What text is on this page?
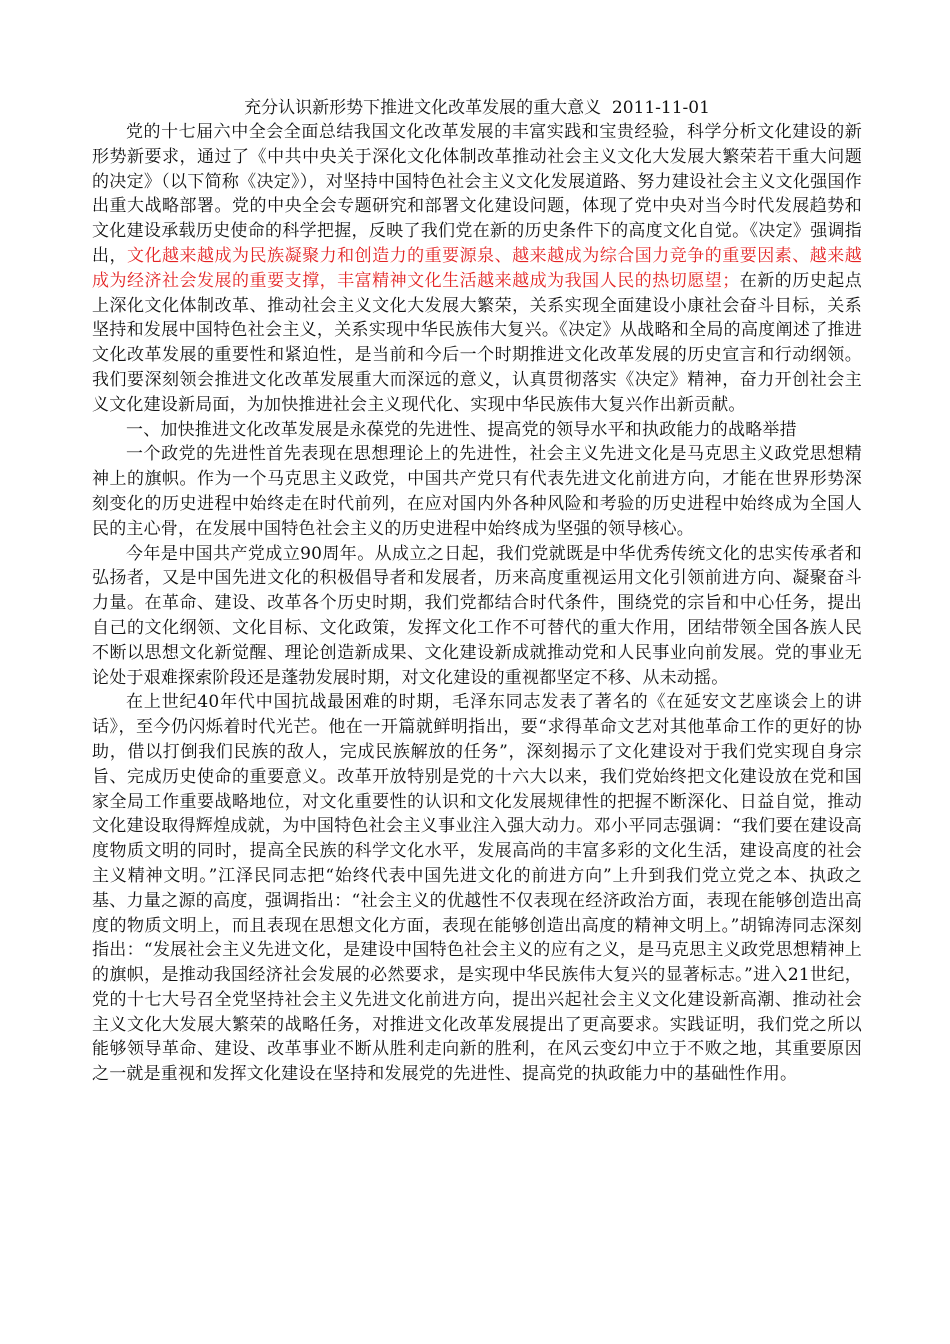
充分认识新形势下推进文化改革发展的重大意义 2011-11-01

党的十七届六中全会全面总结我国文化改革发展的丰富实践和宝贵经验，科学分析文化建设的新形势新要求，通过了《中共中央关于深化文化体制改革推动社会主义文化大发展大繁荣若干重大问题的决定》（以下简称《决定》），对坚持中国特色社会主义文化发展道路、努力建设社会主义文化强国作出重大战略部署。党的中央全会专题研究和部署文化建设问题，体现了党中央对当今时代发展趋势和文化建设承载历史使命的科学把握，反映了我们党在新的历史条件下的高度文化自觉。《决定》强调指出，文化越来越成为民族凝聚力和创造力的重要源泉、越来越成为综合国力竞争的重要因素、越来越成为经济社会发展的重要支撑，丰富精神文化生活越来越成为我国人民的热切愿望；在新的历史起点上深化文化体制改革、推动社会主义文化大发展大繁荣，关系实现全面建设小康社会奋斗目标，关系坚持和发展中国特色社会主义，关系实现中华民族伟大复兴。《决定》从战略和全局的高度阐述了推进文化改革发展的重要性和紧迫性，是当前和今后一个时期推进文化改革发展的历史宣言和行动纲领。我们要深刻领会推进文化改革发展重大而深远的意义，认真贯彻落实《决定》精神，奋力开创社会主义文化建设新局面，为加快推进社会主义现代化、实现中华民族伟大复兴作出新贡献。

一、加快推进文化改革发展是永葆党的先进性、提高党的领导水平和执政能力的战略举措

一个政党的先进性首先表现在思想理论上的先进性，社会主义先进文化是马克思主义政党思想精神上的旗帜。作为一个马克思主义政党，中国共产党只有代表先进文化前进方向，才能在世界形势深刻变化的历史进程中始终走在时代前列，在应对国内外各种风险和考验的历史进程中始终成为全国人民的主心骨，在发展中国特色社会主义的历史进程中始终成为坚强的领导核心。

今年是中国共产党成立90周年。从成立之日起，我们党就既是中华优秀传统文化的忠实传承者和弘扬者，又是中国先进文化的积极倡导者和发展者，历来高度重视运用文化引领前进方向、凝聚奋斗力量。在革命、建设、改革各个历史时期，我们党都结合时代条件，围绕党的宗旨和中心任务，提出自己的文化纲领、文化目标、文化政策，发挥文化工作不可替代的重大作用，团结带领全国各族人民不断以思想文化新觉醒、理论创造新成果、文化建设新成就推动党和人民事业向前发展。党的事业无论处于艰难探索阶段还是蓬勃发展时期，对文化建设的重视都坚定不移、从未动摇。

在上世纪40年代中国抗战最困难的时期，毛泽东同志发表了著名的《在延安文艺座谈会上的讲话》，至今仍闪烁着时代光芒。他在一开篇就鲜明指出，要“求得革命文艺对其他革命工作的更好的协助，借以打倒我们民族的敌人，完成民族解放的任务”，深刻揭示了文化建设对于我们党实现自身宗旨、完成历史使命的重要意义。改革开放特别是党的十六大以来，我们党始终把文化建设放在党和国家全局工作重要战略地位，对文化重要性的认识和文化发展规律性的把握不断深化、日益自觉，推动文化建设取得辉煌成就，为中国特色社会主义事业注入强大动力。邓小平同志强调：“我们要在建设高度物质文明的同时，提高全民族的科学文化水平，发展高尚的丰富多彩的文化生活，建设高度的社会主义精神文明。”江泽民同志把“始终代表中国先进文化的前进方向”上升到我们党立党之本、执政之基、力量之源的高度，强调指出：“社会主义的优越性不仅表现在经济政治方面，表现在能够创造出高度的物质文明上，而且表现在思想文化方面，表现在能够创造出高度的精神文明上。”胡锦涛同志深刻指出：“发展社会主义先进文化，是建设中国特色社会主义的应有之义，是马克思主义政党思想精神上的旗帜，是推动我国经济社会发展的必然要求，是实现中华民族伟大复兴的显著标志。”进入21世纪，党的十七大号召全党坚持社会主义先进文化前进方向，提出兴起社会主义文化建设新高潮、推动社会主义文化大发展大繁荣的战略任务，对推进文化改革发展提出了更高要求。实践证明，我们党之所以能够领导革命、建设、改革事业不断从胜利走向新的胜利，在风云变幻中立于不败之地，其重要原因之一就是重视和发挥文化建设在坚持和发展党的先进性、提高党的执政能力中的基础性作用。
